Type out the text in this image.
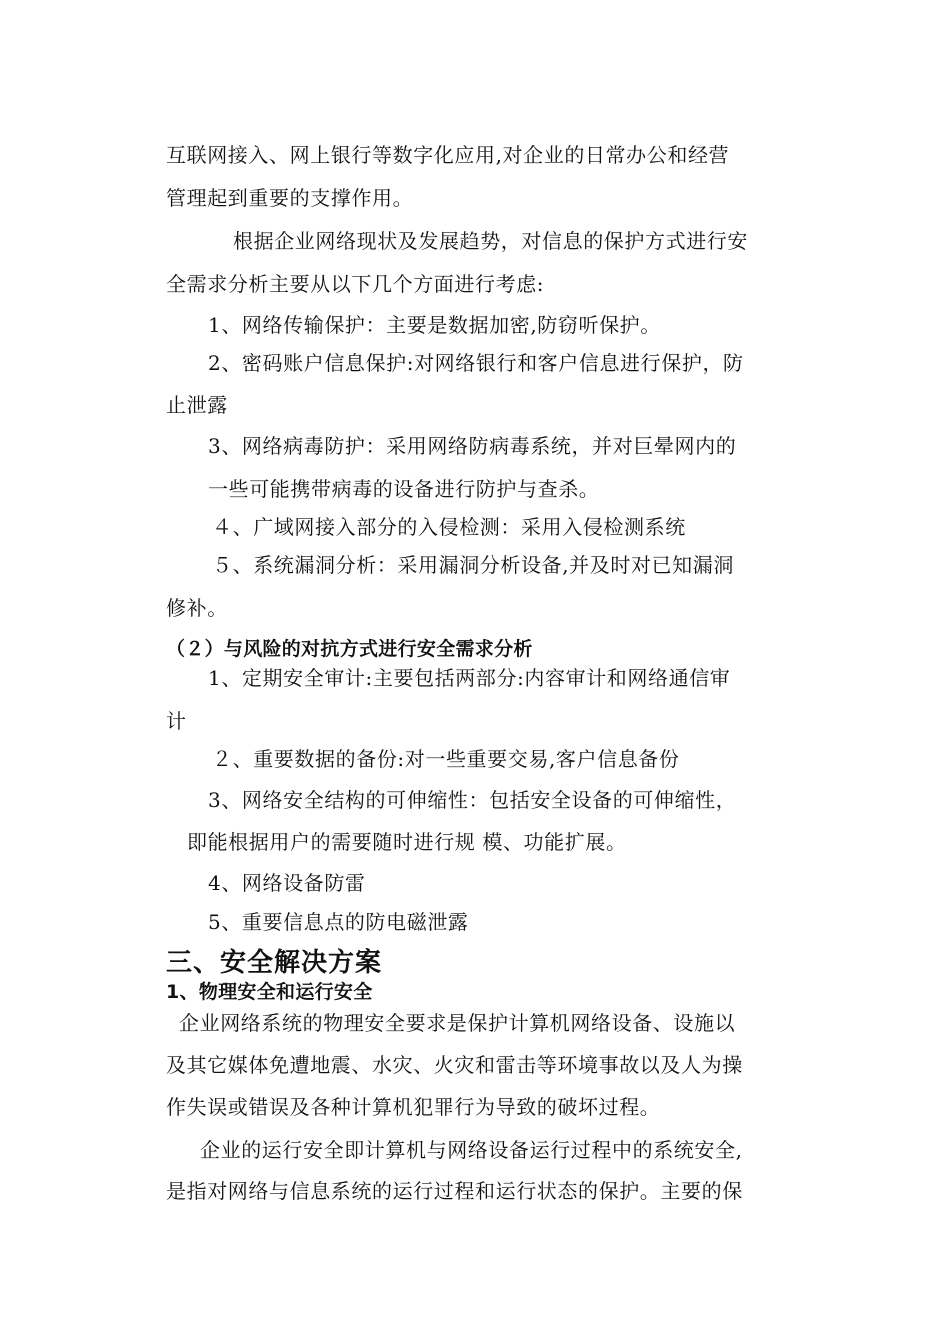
互联网接入、网上银行等数字化应用,对企业的日常办公和经营
管理起到重要的支撑作用。
根据企业网络现状及发展趋势，对信息的保护方式进行安
全需求分析主要从以下几个方面进行考虑:
1、网络传输保护：主要是数据加密,防窃听保护。
2、密码账户信息保护:对网络银行和客户信息进行保护，防
止泄露
3、网络病毒防护：采用网络防病毒系统，并对巨晕网内的
一些可能携带病毒的设备进行防护与查杀。
４、广域网接入部分的入侵检测：采用入侵检测系统
５、系统漏洞分析：采用漏洞分析设备,并及时对已知漏洞
修补。
（２）与风险的对抗方式进行安全需求分析
1、定期安全审计:主要包括两部分:内容审计和网络通信审
计
２、重要数据的备份:对一些重要交易,客户信息备份
3、网络安全结构的可伸缩性：包括安全设备的可伸缩性，
即能根据用户的需要随时进行规 模、功能扩展。
4、网络设备防雷
5、重要信息点的防电磁泄露
三、安全解决方案
1、物理安全和运行安全
企业网络系统的物理安全要求是保护计算机网络设备、设施以
及其它媒体免遭地震、水灾、火灾和雷击等环境事故以及人为操
作失误或错误及各种计算机犯罪行为导致的破坏过程。
企业的运行安全即计算机与网络设备运行过程中的系统安全,
是指对网络与信息系统的运行过程和运行状态的保护。主要的保
